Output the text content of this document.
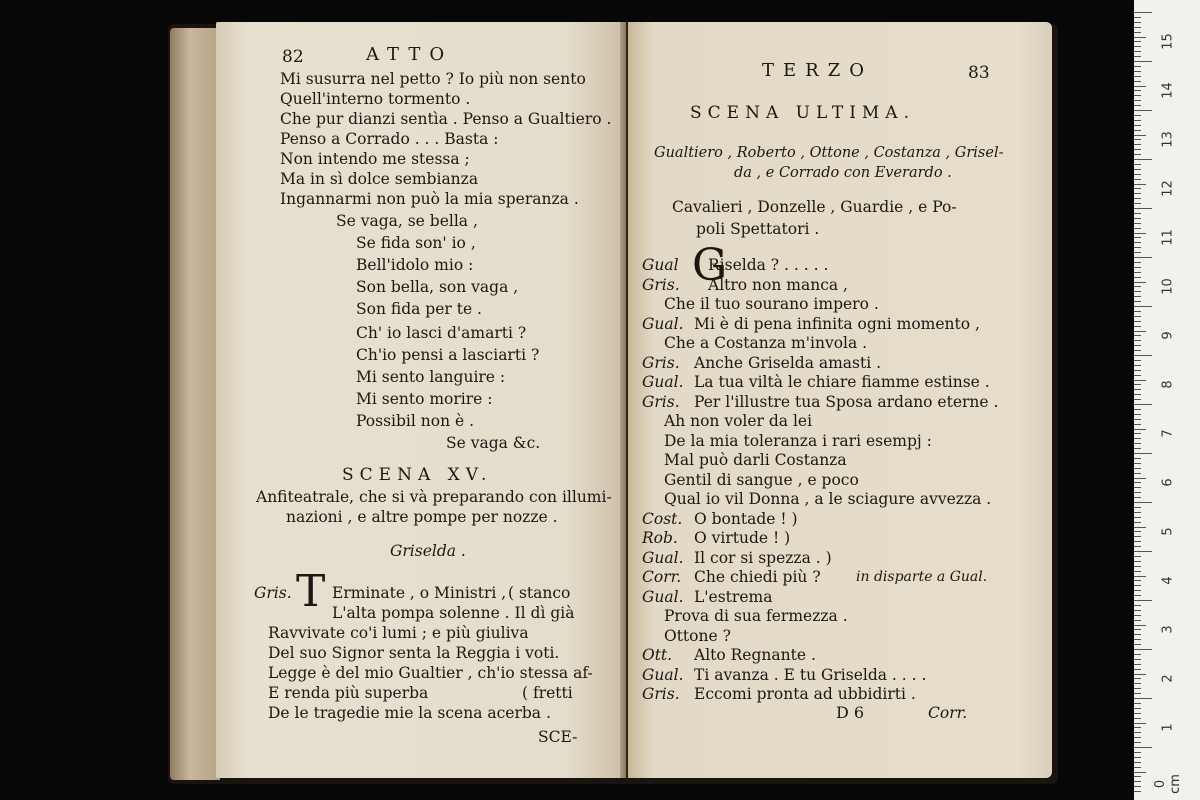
82	ATTO
Mi susurra nel petto ? Io più non sento
Quell'interno tormento .
Che pur dianzi sentìa . Penso a Gualtiero .
Penso a Corrado . . . Basta :
Non intendo me stessa ;
Ma in sì dolce sembianza
Ingannarmi non può la mia speranza .
Se vaga, se bella ,
Se fida son' io ,
Bell'idolo mio :
Son bella, son vaga ,
Son fida per te .
Ch' io lasci d'amarti ?
Ch'io pensi a lasciarti ?
Mi sento languire :
Mi sento morire :
Possibil non è .
Se vaga &c.
SCENA XV.
Anfiteatrale, che si và preparando con illumi-
nazioni , e altre pompe per nozze .
Griselda .
Gris. T Erminate , o Ministri , ( stanco
L'alta pompa solenne . Il dì già
Ravvivate co'i lumi ; e più giuliva
Del suo Signor senta la Reggia i voti.
Legge è del mio Gualtier , ch'io stessa af-
E renda più superba	( fretti
De le tragedie mie la scena acerba .
SCE-
TERZO	83
SCENA ULTIMA.
Gualtiero , Roberto , Ottone , Costanza , Grisel-
da , e Corrado con Everardo .
Cavalieri , Donzelle , Guardie , e Po-
poli Spettatori .
Gual Riselda ? . . . . .
Gris. Altro non manca ,
Che il tuo sourano impero .
Gual. Mi è di pena infinita ogni momento ,
Che a Costanza m'invola .
Gris. Anche Griselda amasti .
Gual. La tua viltà le chiare fiamme estinse .
Gris. Per l'illustre tua Sposa ardano eterne .
Ah non voler da lei
De la mia toleranza i rari esempj :
Mal può darli Costanza
Gentil di sangue , e poco
Qual io vil Donna , a le sciagure avvezza .
Cost. O bontade ! )
Rob. O virtude ! )
Gual. Il cor si spezza . )
Corr. Che chiedi più ?
Gual. L'estrema
Prova di sua fermezza .
Ottone ?
Ott. Alto Regnante .
Gual. Ti avanza . E tu Griselda . . . .
Gris. Eccomi pronta ad ubbidirti .
G
in disparte a Gual.
D 6	Corr.
15
14
13
12
11
10
9
8
7
6
5
4
3
2
1
0 cm
